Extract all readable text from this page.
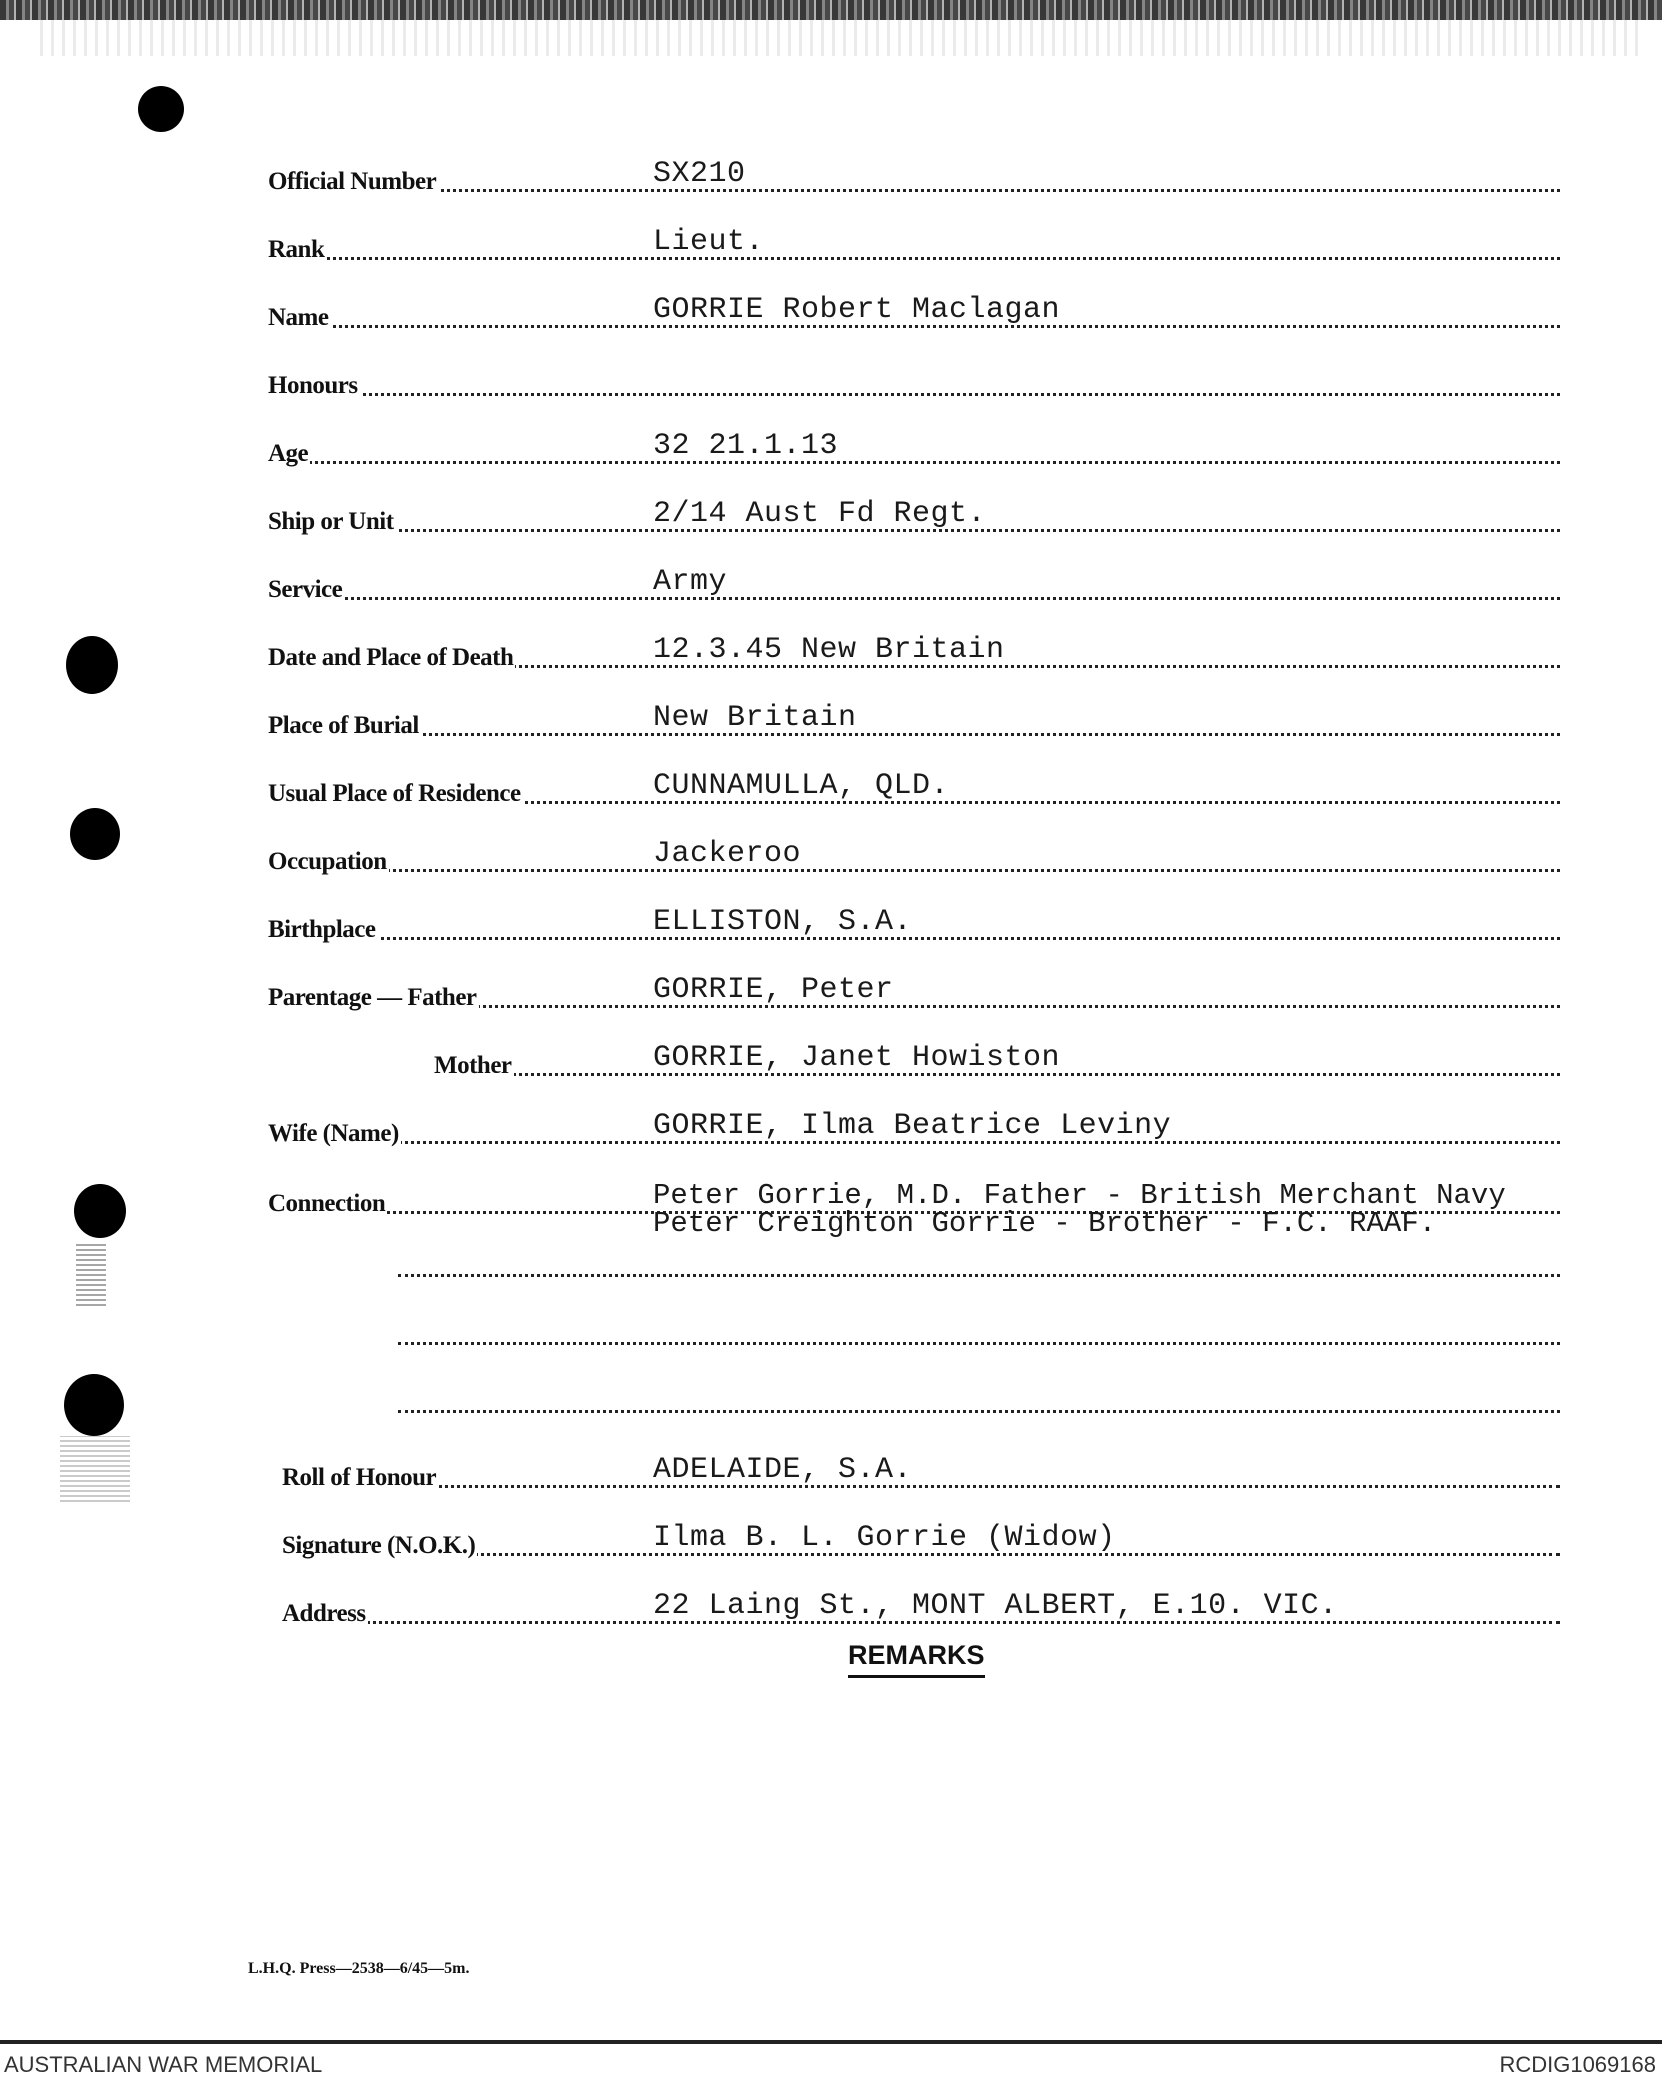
Official Number	SX210
Rank	Lieut.
Name	GORRIE Robert Maclagan
Honours
Age	32 21.1.13
Ship or Unit	2/14 Aust Fd Regt.
Service	Army
Date and Place of Death	12.3.45 New Britain
Place of Burial	New Britain
Usual Place of Residence	CUNNAMULLA, QLD.
Occupation	Jackeroo
Birthplace	ELLISTON, S.A.
Parentage — Father	GORRIE, Peter
Mother	GORRIE, Janet Howiston
Wife (Name)	GORRIE, Ilma Beatrice Leviny
Connection	Peter Gorrie, M.D. Father - British Merchant Navy
Peter Creighton Gorrie - Brother - F.C. RAAF.
Roll of Honour	ADELAIDE, S.A.
Signature (N.O.K.)	Ilma B. L. Gorrie (Widow)
Address	22 Laing St., MONT ALBERT, E.10. VIC.
REMARKS
L.H.Q. Press—2538—6/45—5m.
AUSTRALIAN WAR MEMORIAL	RCDIG1069168
